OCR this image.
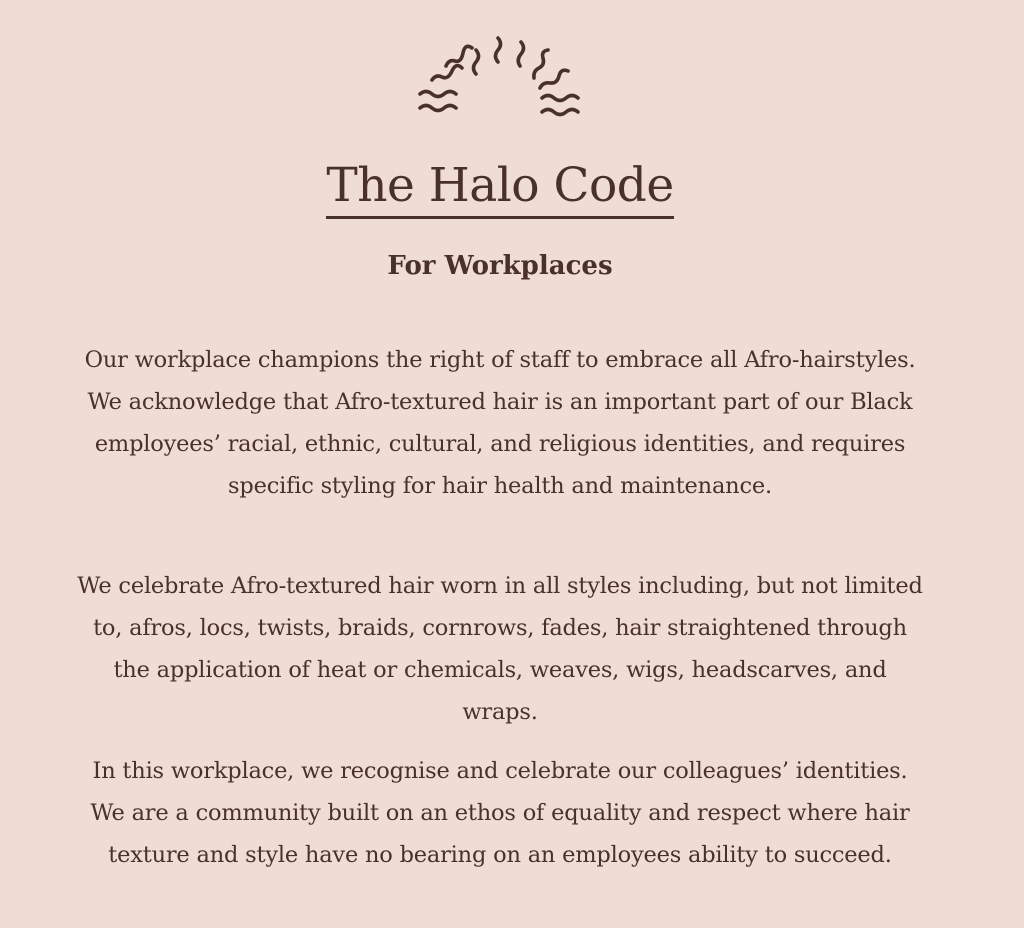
The Halo Code
For Workplaces

Our workplace champions the right of staff to embrace all Afro-hairstyles. We acknowledge that Afro-textured hair is an important part of our Black employees’ racial, ethnic, cultural, and religious identities, and requires specific styling for hair health and maintenance.

We celebrate Afro-textured hair worn in all styles including, but not limited to, afros, locs, twists, braids, cornrows, fades, hair straightened through the application of heat or chemicals, weaves, wigs, headscarves, and wraps.

In this workplace, we recognise and celebrate our colleagues’ identities. We are a community built on an ethos of equality and respect where hair texture and style have no bearing on an employees ability to succeed.
